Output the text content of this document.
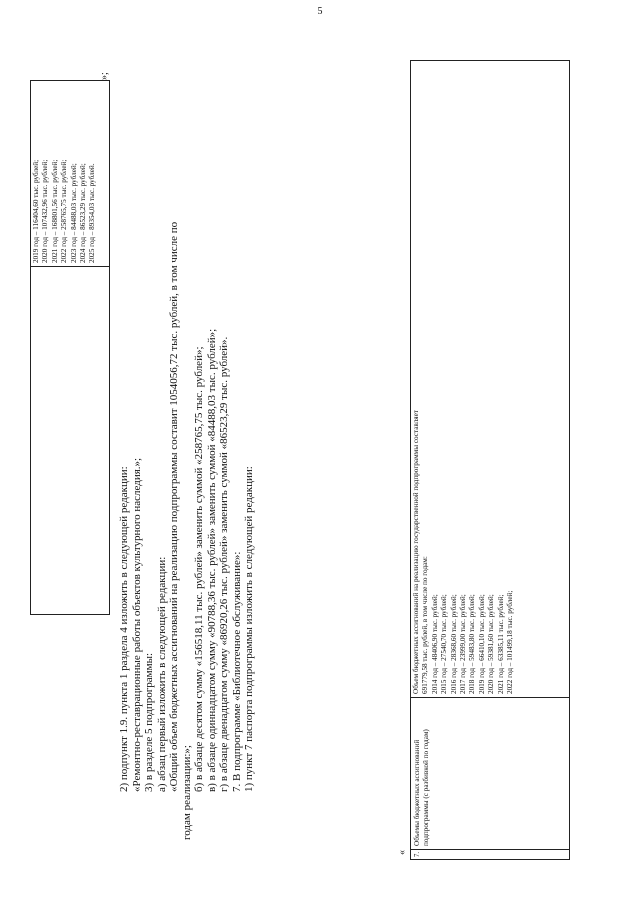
5
2019 год – 116404,60 тыс. рублей; 2020 год – 107432,96 тыс. рублей; 2021 год – 168801,56 тыс. рублей; 2022 год – 258765,75 тыс. рублей; 2023 год – 84488,03 тыс. рублей; 2024 год – 86523,29 тыс. рублей; 2025 год – 89354,03 тыс. рублей.
»;

2) подпункт 1.9. пункта 1 раздела 4 изложить в следующей редакции: «Ремонтно-реставрационные работы объектов культурного наследия.»; 3) в разделе 5 подпрограммы: а) абзац первый изложить в следующей редакции: «Общий объем бюджетных ассигнований на реализацию подпрограммы составит 1054056,72 тыс. рублей, в том числе по

годам реализации:»;

б) в абзаце десятом сумму «156518,11 тыс. рублей» заменить суммой «258765,75 тыс. рублей»; в) в абзаце одиннадцатом сумму «90788,36 тыс. рублей» заменить суммой «84488,03 тыс. рублей»; г) в абзаце двенадцатом сумму «86920,26 тыс. рублей» заменить суммой «86523,29 тыс. рублей». 7. В подпрограмме «Библиотечное обслуживание»: 1) пункт 7 паспорта подпрограммы изложить в следующей редакции:

« 7.
Объемы бюджетных ассигнований подпрограммы (с разбивкой по годам)
Объем бюджетных ассигнований на реализацию государственной подпрограммы составляет 691779,58 тыс. рублей, в том числе по годам: 2014 год – 48406,90 тыс. рублей; 2015 год – 27540,70 тыс. рублей; 2016 год – 28368,60 тыс. рублей; 2017 год – 23999,00 тыс. рублей; 2018 год – 59483,80 тыс. рублей; 2019 год – 66410,10 тыс. рублей; 2020 год – 59381,60 тыс. рублей; 2021 год – 63385,11 тыс. рублей; 2022 год – 101499,18 тыс. рублей;
